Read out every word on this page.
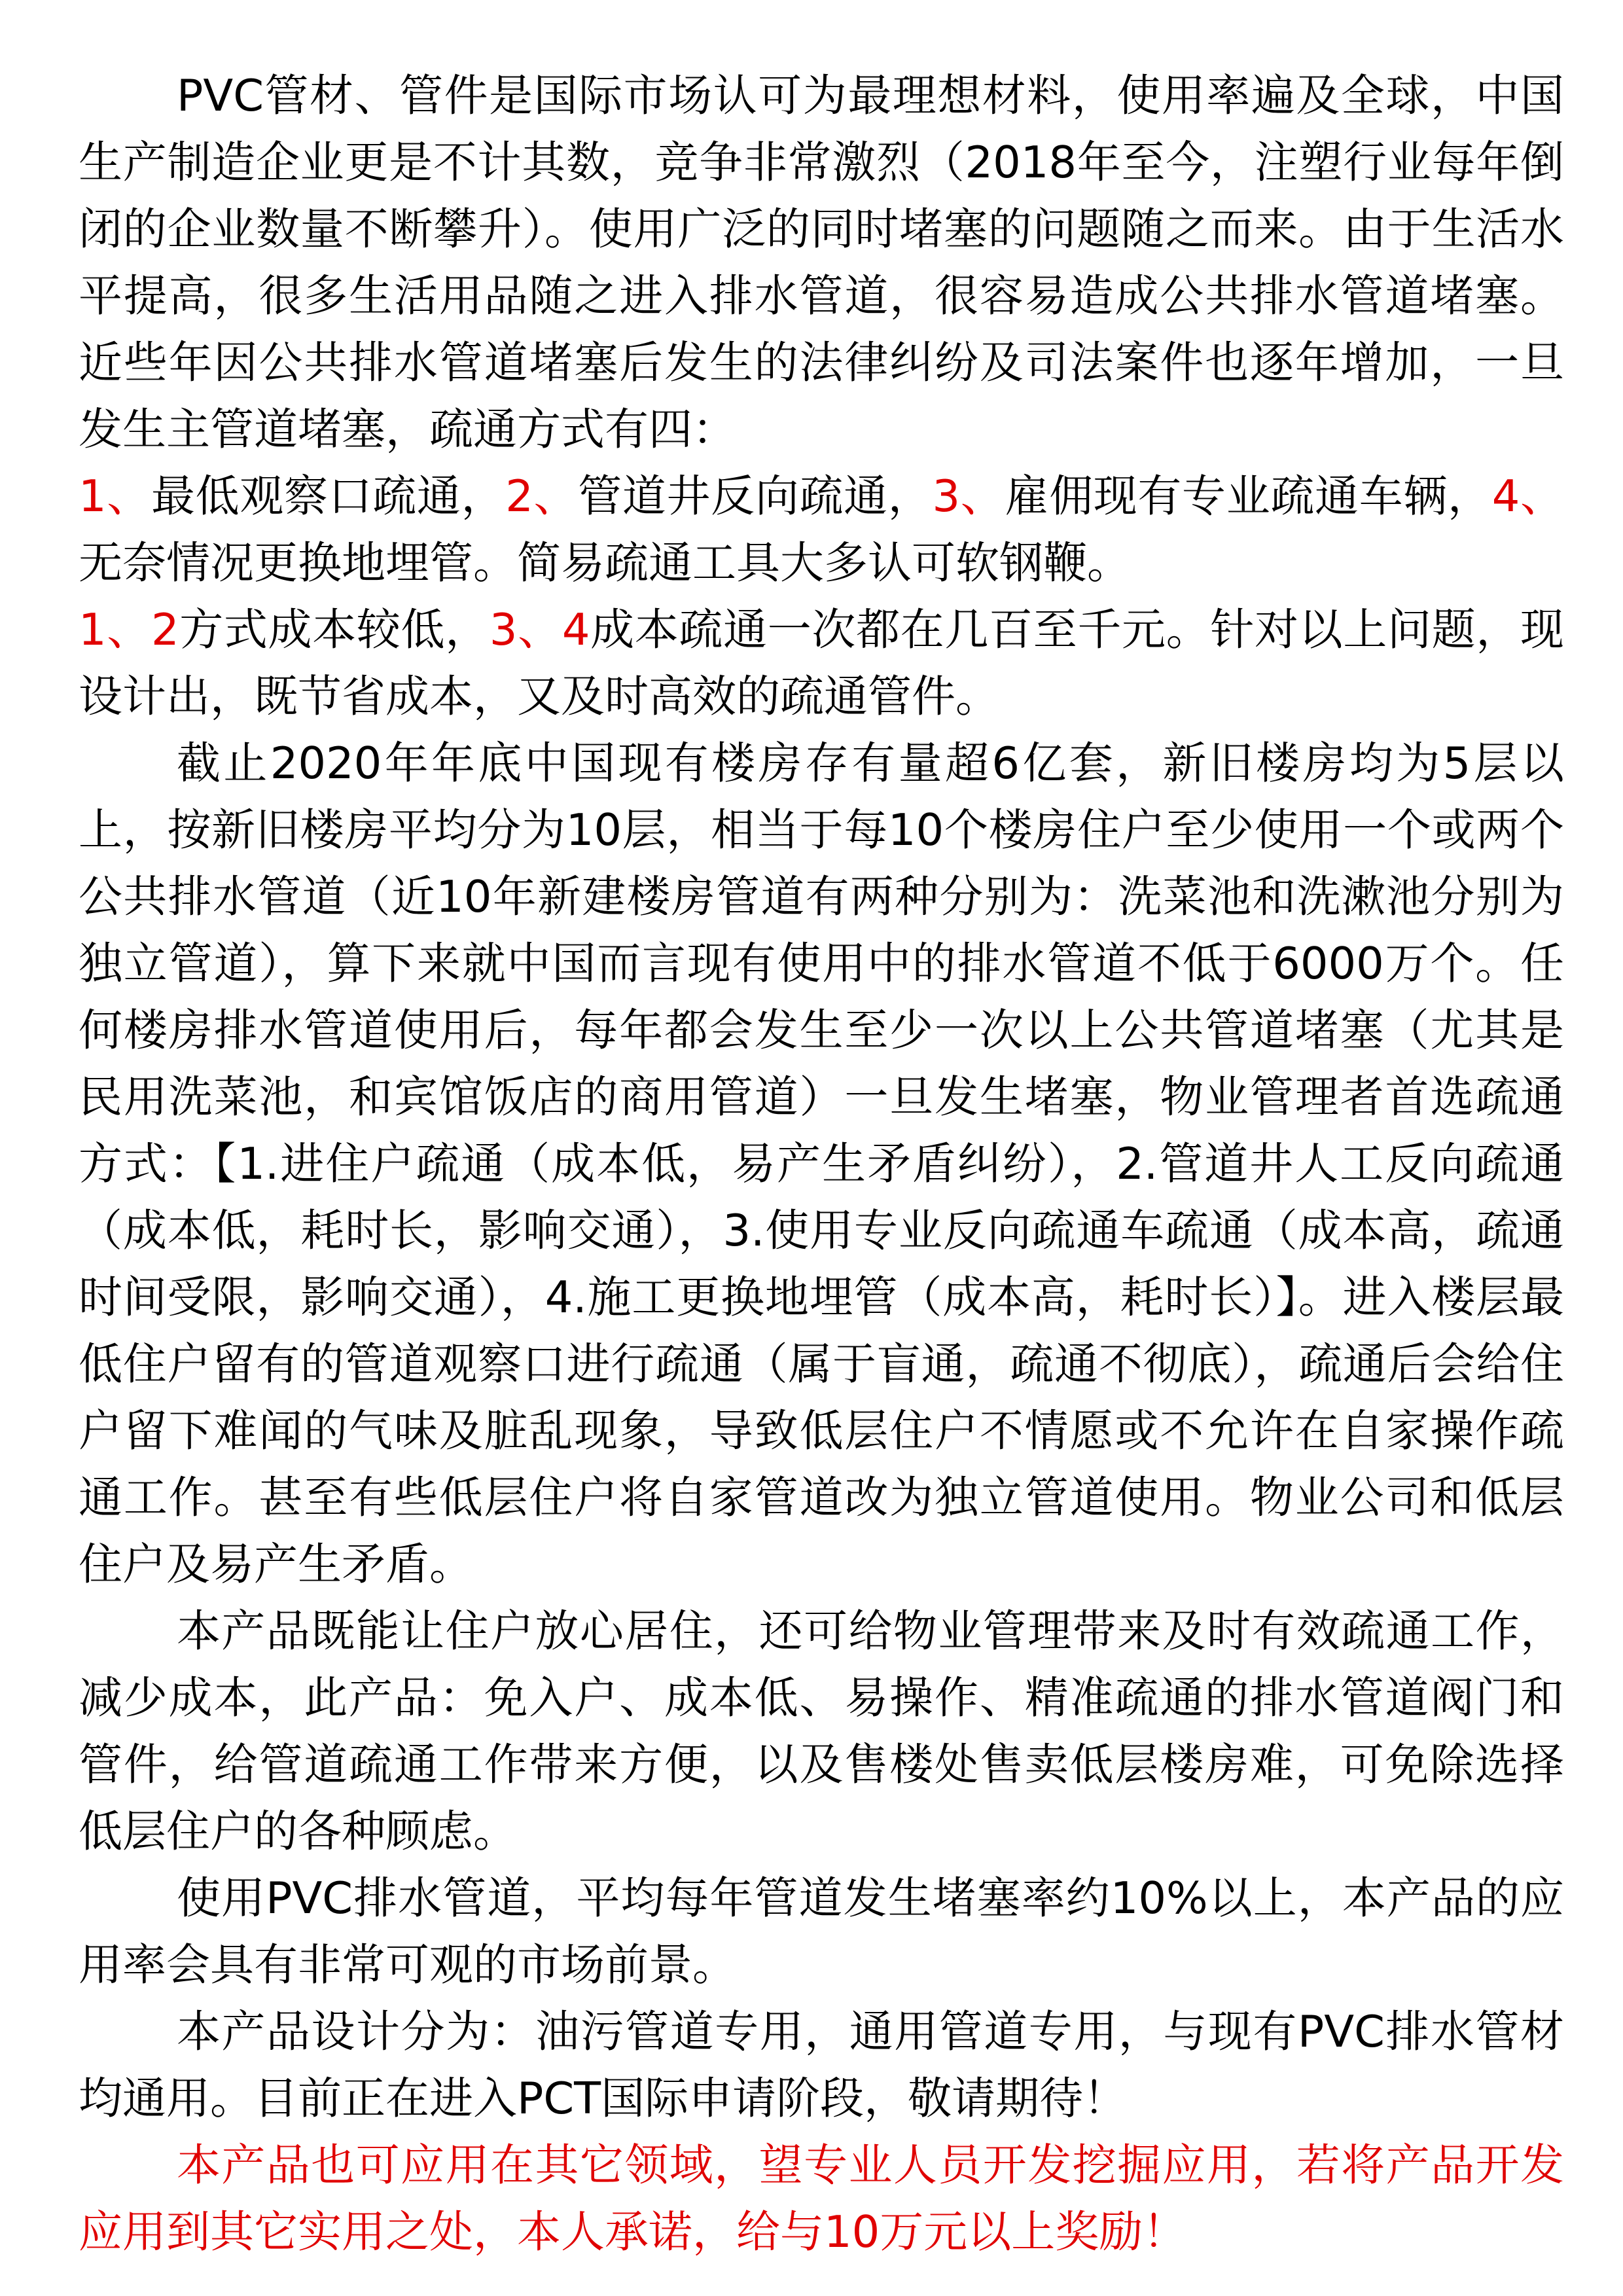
PVC管材、管件是国际市场认可为最理想材料，使用率遍及全球，中国生产制造企业更是不计其数，竞争非常激烈（2018年至今，注塑行业每年倒闭的企业数量不断攀升）。使用广泛的同时堵塞的问题随之而来。由于生活水平提高，很多生活用品随之进入排水管道，很容易造成公共排水管道堵塞。近些年因公共排水管道堵塞后发生的法律纠纷及司法案件也逐年增加，一旦发生主管道堵塞，疏通方式有四：

1、最低观察口疏通，2、管道井反向疏通，3、雇佣现有专业疏通车辆，4、无奈情况更换地埋管。简易疏通工具大多认可软钢鞭。

1、2方式成本较低，3、4成本疏通一次都在几百至千元。针对以上问题，现设计出，既节省成本，又及时高效的疏通管件。

截止2020年年底中国现有楼房存有量超6亿套，新旧楼房均为5层以上，按新旧楼房平均分为10层，相当于每10个楼房住户至少使用一个或两个公共排水管道（近10年新建楼房管道有两种分别为：洗菜池和洗漱池分别为独立管道），算下来就中国而言现有使用中的排水管道不低于6000万个。任何楼房排水管道使用后，每年都会发生至少一次以上公共管道堵塞（尤其是民用洗菜池，和宾馆饭店的商用管道）一旦发生堵塞，物业管理者首选疏通方式：【1.进住户疏通（成本低，易产生矛盾纠纷），2.管道井人工反向疏通（成本低，耗时长，影响交通），3.使用专业反向疏通车疏通（成本高，疏通时间受限，影响交通），4.施工更换地埋管（成本高，耗时长）】。进入楼层最低住户留有的管道观察口进行疏通（属于盲通，疏通不彻底），疏通后会给住户留下难闻的气味及脏乱现象，导致低层住户不情愿或不允许在自家操作疏通工作。甚至有些低层住户将自家管道改为独立管道使用。物业公司和低层住户及易产生矛盾。

本产品既能让住户放心居住，还可给物业管理带来及时有效疏通工作，减少成本，此产品：免入户、成本低、易操作、精准疏通的排水管道阀门和管件，给管道疏通工作带来方便，以及售楼处售卖低层楼房难，可免除选择低层住户的各种顾虑。

使用PVC排水管道，平均每年管道发生堵塞率约10%以上，本产品的应用率会具有非常可观的市场前景。

本产品设计分为：油污管道专用，通用管道专用，与现有PVC排水管材均通用。目前正在进入PCT国际申请阶段，敬请期待！

本产品也可应用在其它领域，望专业人员开发挖掘应用，若将产品开发应用到其它实用之处，本人承诺，给与10万元以上奖励！
